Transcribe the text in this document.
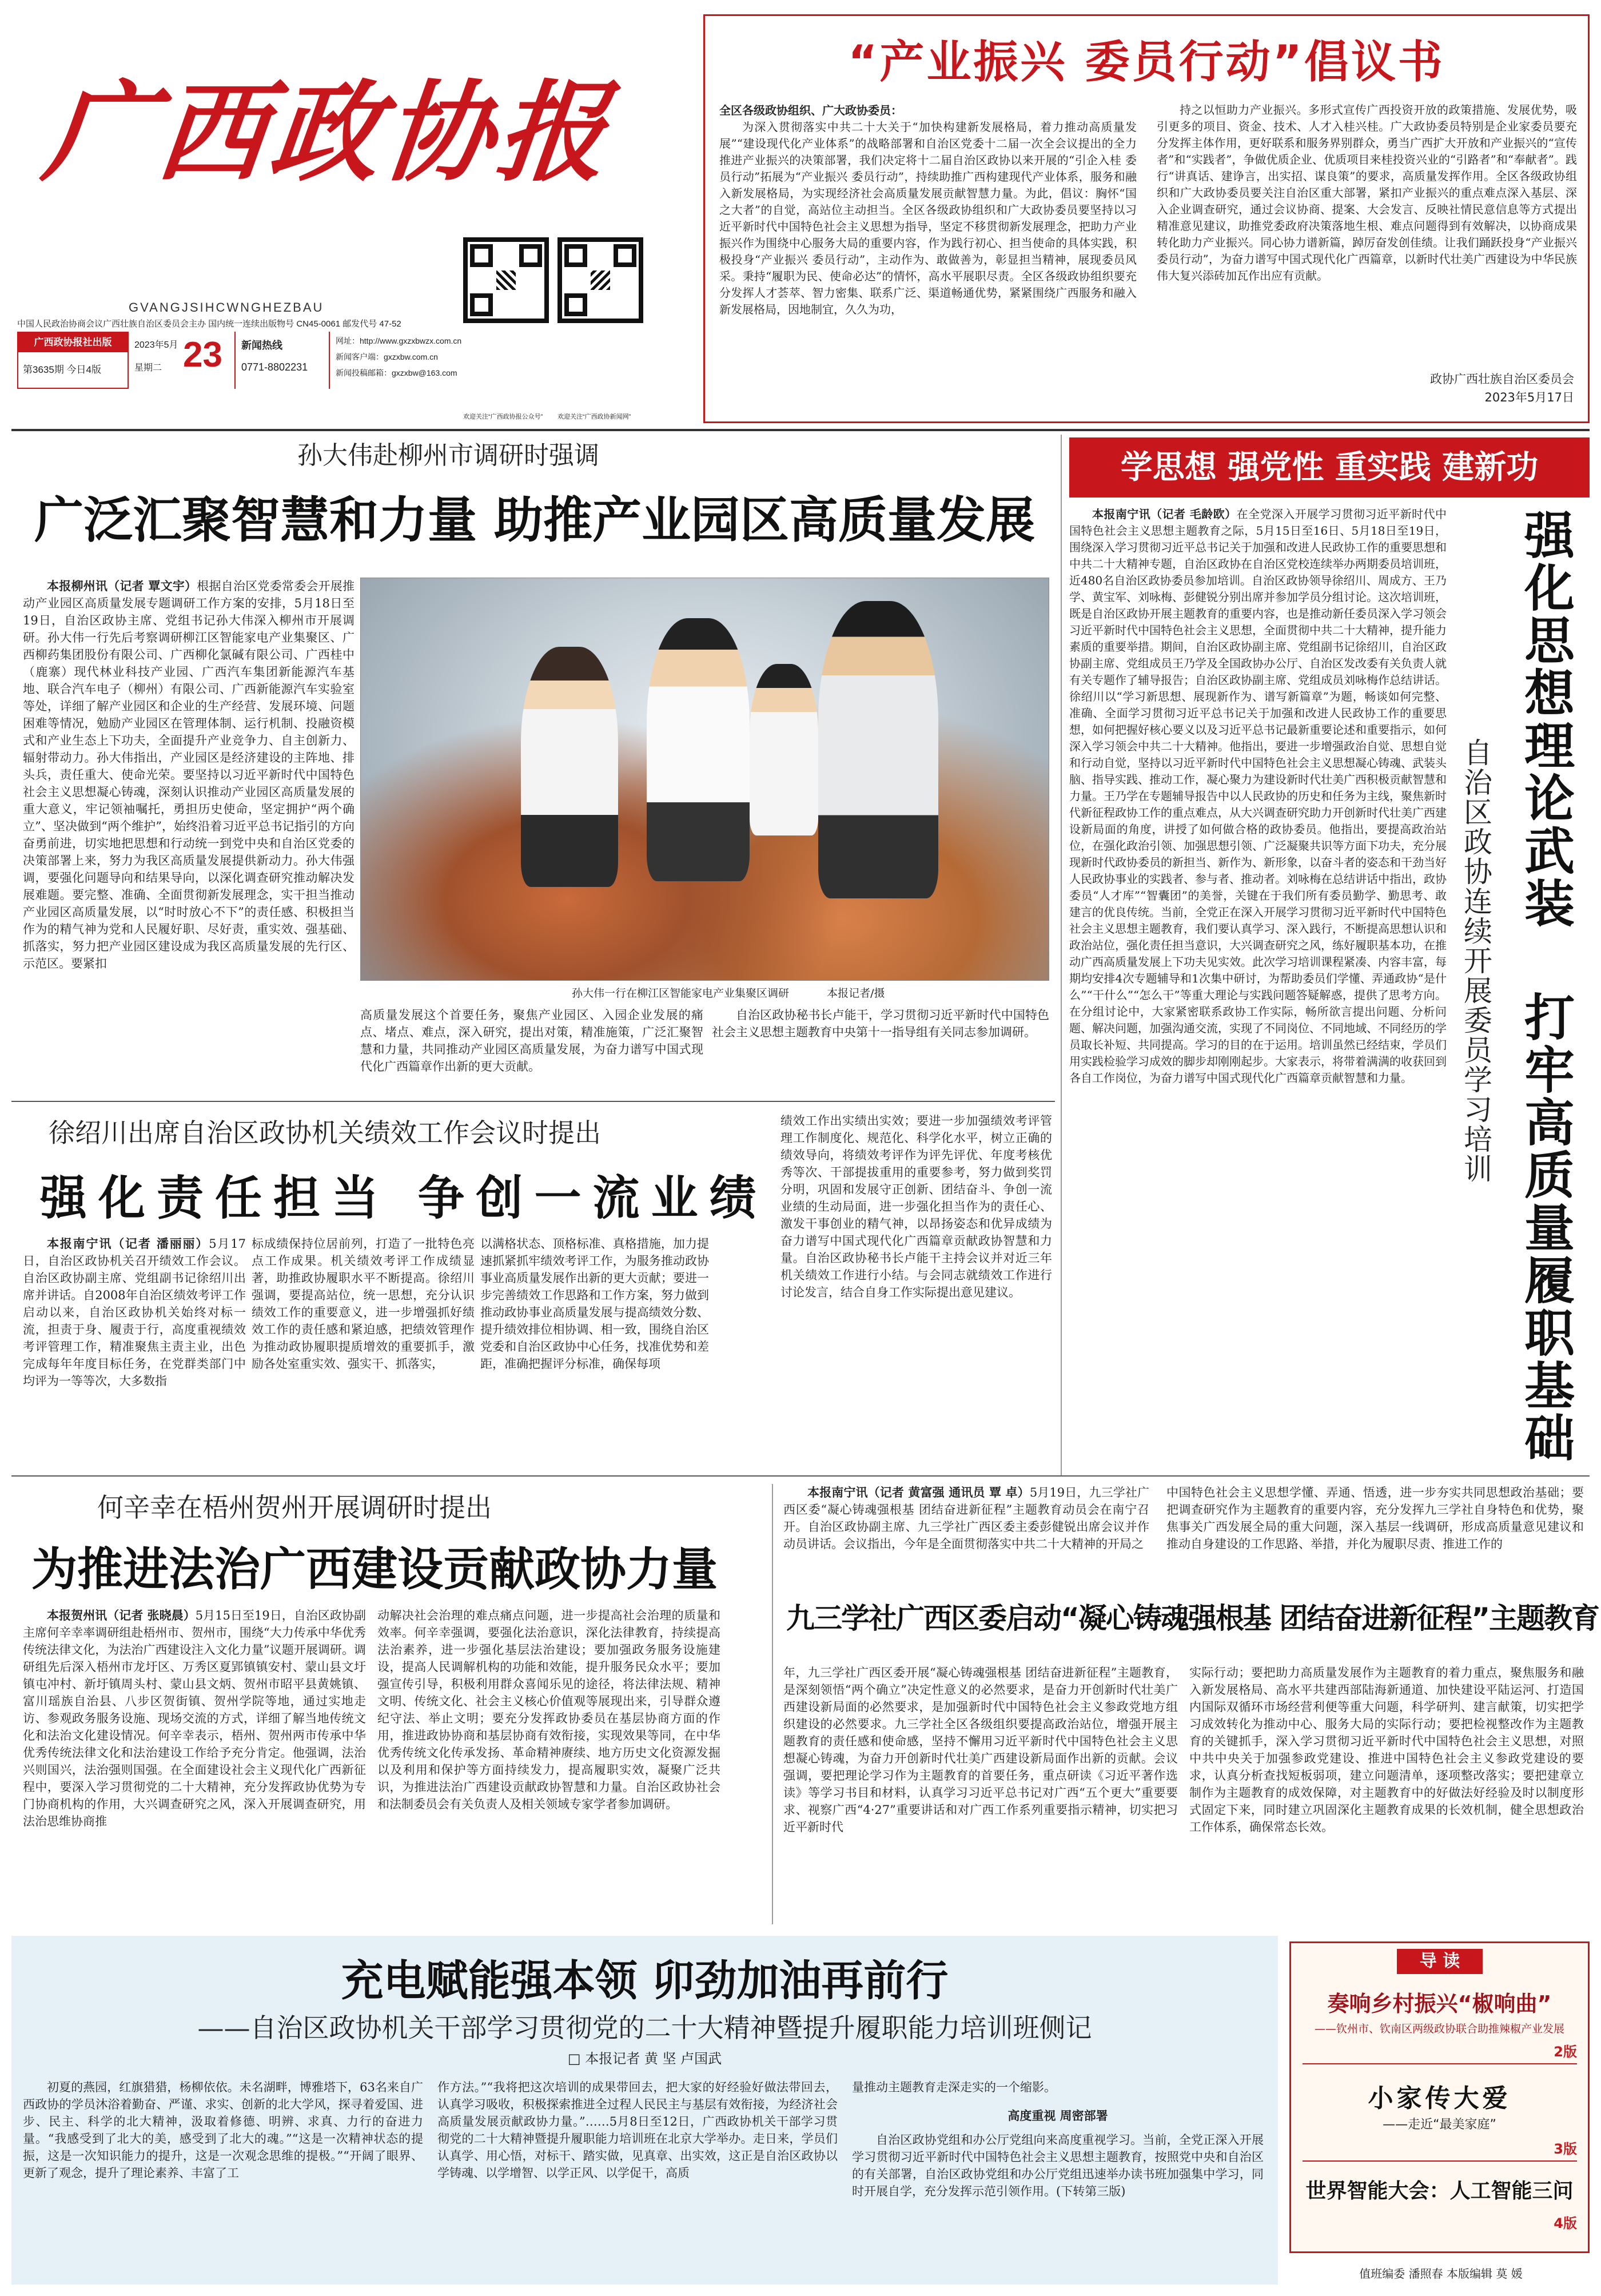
广西政协报
GVANGJSIHCWNGHEZBAU
中国人民政治协商会议广西壮族自治区委员会主办 国内统一连续出版物号 CN45-0061 邮发代号 47-52
广西政协报社出版
第3635期 今日4版
2023年5月
星期二 23 新闻热线
0771-8802231
网址：http://www.gxzxbwzx.com.cn
新闻客户端：gxzxbw.com.cn
新闻投稿邮箱：gxzxbw@163.com
欢迎关注“广西政协报公众号” 欢迎关注“广西政协新闻网”
“产业振兴 委员行动”倡议书
全区各级政协组织、广大政协委员：

为深入贯彻落实中共二十大关于“加快构建新发展格局，着力推动高质量发展”“建设现代化产业体系”的战略部署和自治区党委十二届一次全会议提出的全力推进产业振兴的决策部署，我们决定将十二届自治区政协以来开展的“引企入桂 委员行动”拓展为“产业振兴 委员行动”，持续助推广西构建现代产业体系，服务和融入新发展格局，为实现经济社会高质量发展贡献智慧力量。为此，倡议：胸怀“国之大者”的自觉，高站位主动担当。全区各级政协组织和广大政协委员要坚持以习近平新时代中国特色社会主义思想为指导，坚定不移贯彻新发展理念，把助力产业振兴作为围绕中心服务大局的重要内容，作为践行初心、担当使命的具体实践，积极投身“产业振兴 委员行动”，主动作为、敢做善为，彰显担当精神，展现委员风采。秉持“履职为民、使命必达”的情怀，高水平展职尽责。全区各级政协组织要充分发挥人才荟萃、智力密集、联系广泛、渠道畅通优势，紧紧围绕广西服务和融入新发展格局，因地制宜，久久为功，

持之以恒助力产业振兴。多形式宣传广西投资开放的政策措施、发展优势，吸引更多的项目、资金、技术、人才入桂兴桂。广大政协委员特别是企业家委员要充分发挥主体作用，更好联系和服务界别群众，勇当广西扩大开放和产业振兴的“宣传者”和“实践者”，争做优质企业、优质项目来桂投资兴业的“引路者”和“奉献者”。践行“讲真话、建诤言，出实招、谋良策”的要求，高质量发挥作用。全区各级政协组织和广大政协委员要关注自治区重大部署，紧扣产业振兴的重点难点深入基层、深入企业调查研究，通过会议协商、提案、大会发言、反映社情民意信息等方式提出精准意见建议，助推党委政府决策落地生根、难点问题得到有效解决，以协商成果转化助力产业振兴。同心协力谱新篇，踔厉奋发创佳绩。让我们踊跃投身“产业振兴 委员行动”，为奋力谱写中国式现代化广西篇章，以新时代壮美广西建设为中华民族伟大复兴添砖加瓦作出应有贡献。

政协广西壮族自治区委员会
2023年5月17日
孙大伟赴柳州市调研时强调
广泛汇聚智慧和力量 助推产业园区高质量发展

本报柳州讯（记者 覃文宇）根据自治区党委常委会开展推动产业园区高质量发展专题调研工作方案的安排，5月18日至19日，自治区政协主席、党组书记孙大伟深入柳州市开展调研。孙大伟一行先后考察调研柳江区智能家电产业集聚区、广西柳药集团股份有限公司、广西柳化氯碱有限公司、广西桂中（鹿寨）现代林业科技产业园、广西汽车集团新能源汽车基地、联合汽车电子（柳州）有限公司、广西新能源汽车实验室等处，详细了解产业园区和企业的生产经营、发展环境、问题困难等情况，勉励产业园区在管理体制、运行机制、投融资模式和产业生态上下功夫，全面提升产业竞争力、自主创新力、辐射带动力。孙大伟指出，产业园区是经济建设的主阵地、排头兵，责任重大、使命光荣。要坚持以习近平新时代中国特色社会主义思想凝心铸魂，深刻认识推动产业园区高质量发展的重大意义，牢记领袖嘱托，勇担历史使命，坚定拥护“两个确立”、坚决做到“两个维护”，始终沿着习近平总书记指引的方向奋勇前进，切实地把思想和行动统一到党中央和自治区党委的决策部署上来，努力为我区高质量发展提供新动力。孙大伟强调，要强化问题导向和结果导向，以深化调查研究推动解决发展难题。要完整、准确、全面贯彻新发展理念，实干担当推动产业园区高质量发展，以“时时放心不下”的责任感、积极担当作为的精气神为党和人民履好职、尽好责，重实效、强基础、抓落实，努力把产业园区建设成为我区高质量发展的先行区、示范区。要紧扣

孙大伟一行在柳江区智能家电产业集聚区调研	本报记者/摄

高质量发展这个首要任务，聚焦产业园区、入园企业发展的痛点、堵点、难点，深入研究，提出对策，精准施策，广泛汇聚智慧和力量，共同推动产业园区高质量发展，为奋力谱写中国式现代化广西篇章作出新的更大贡献。

自治区政协秘书长卢能干，学习贯彻习近平新时代中国特色社会主义思想主题教育中央第十一指导组有关同志参加调研。

学思想 强党性 重实践 建新功

本报南宁讯（记者 毛龄欧）在全党深入开展学习贯彻习近平新时代中国特色社会主义思想主题教育之际，5月15日至16日、5月18日至19日，围绕深入学习贯彻习近平总书记关于加强和改进人民政协工作的重要思想和中共二十大精神专题，自治区政协在自治区党校连续举办两期委员培训班，近480名自治区政协委员参加培训。自治区政协领导徐绍川、周成方、王乃学、黄宝军、刘咏梅、彭健锐分别出席并参加学员分组讨论。这次培训班，既是自治区政协开展主题教育的重要内容，也是推动新任委员深入学习领会习近平新时代中国特色社会主义思想，全面贯彻中共二十大精神，提升能力素质的重要举措。期间，自治区政协副主席、党组副书记徐绍川，自治区政协副主席、党组成员王乃学及全国政协办公厅、自治区发改委有关负责人就有关专题作了辅导报告；自治区政协副主席、党组成员刘咏梅作总结讲话。徐绍川以“学习新思想、展现新作为、谱写新篇章”为题，畅谈如何完整、准确、全面学习贯彻习近平总书记关于加强和改进人民政协工作的重要思想，如何把握好核心要义以及习近平总书记最新重要论述和重要指示，如何深入学习领会中共二十大精神。他指出，要进一步增强政治自觉、思想自觉和行动自觉，坚持以习近平新时代中国特色社会主义思想凝心铸魂、武装头脑、指导实践、推动工作，凝心聚力为建设新时代壮美广西积极贡献智慧和力量。王乃学在专题辅导报告中以人民政协的历史和任务为主线，聚焦新时代新征程政协工作的重点难点，从大兴调查研究助力开创新时代壮美广西建设新局面的角度，讲授了如何做合格的政协委员。他指出，要提高政治站位，在强化政治引领、加强思想引领、广泛凝聚共识等方面下功夫，充分展现新时代政协委员的新担当、新作为、新形象，以奋斗者的姿态和干劲当好人民政协事业的实践者、参与者、推动者。刘咏梅在总结讲话中指出，政协委员“人才库”“智囊团”的美誉，关键在于我们所有委员勤学、勤思考、敢建言的优良传统。当前，全党正在深入开展学习贯彻习近平新时代中国特色社会主义思想主题教育，我们要认真学习、深入践行，不断提高思想认识和政治站位，强化责任担当意识，大兴调查研究之风，练好履职基本功，在推动广西高质量发展上下功夫见实效。此次学习培训课程紧凑、内容丰富，每期均安排4次专题辅导和1次集中研讨，为帮助委员们学懂、弄通政协“是什么”“干什么”“怎么干”等重大理论与实践问题答疑解惑，提供了思考方向。在分组讨论中，大家紧密联系政协工作实际，畅所欲言提出问题、分析问题、解决问题，加强沟通交流，实现了不同岗位、不同地域、不同经历的学员取长补短、共同提高。学习的目的在于运用。培训虽然已经结束，学员们用实践检验学习成效的脚步却刚刚起步。大家表示，将带着满满的收获回到各自工作岗位，为奋力谱写中国式现代化广西篇章贡献智慧和力量。	强化思想理论武装 打牢高质量履职基础
自治区政协连续开展委员学习培训
徐绍川出席自治区政协机关绩效工作会议时提出
强化责任担当 争创一流业绩

本报南宁讯（记者 潘丽丽）5月17日，自治区政协机关召开绩效工作会议。自治区政协副主席、党组副书记徐绍川出席并讲话。自2008年自治区绩效考评工作启动以来，自治区政协机关始终对标一流，担责于身、履责于行，高度重视绩效考评管理工作，精准聚焦主责主业，出色完成每年年度目标任务，在党群类部门中均评为一等等次，大多数指

标成绩保持位居前列，打造了一批特色亮点工作成果。机关绩效考评工作成绩显著，助推政协履职水平不断提高。徐绍川强调，要提高站位，统一思想，充分认识绩效工作的重要意义，进一步增强抓好绩效工作的责任感和紧迫感，把绩效管理作为推动政协履职提质增效的重要抓手，激励各处室重实效、强实干、抓落实，

以满格状态、顶格标准、真格措施，加力提速抓紧抓牢绩效考评工作，为服务推动政协事业高质量发展作出新的更大贡献；要进一步完善绩效工作思路和工作方案，努力做到推动政协事业高质量发展与提高绩效分数、提升绩效排位相协调、相一致，围绕自治区党委和自治区政协中心任务，找准优势和差距，准确把握评分标准，确保每项

绩效工作出实绩出实效；要进一步加强绩效考评管理工作制度化、规范化、科学化水平，树立正确的绩效导向，将绩效考评作为评先评优、年度考核优秀等次、干部提拔重用的重要参考，努力做到奖罚分明，巩固和发展守正创新、团结奋斗、争创一流业绩的生动局面，进一步强化担当作为的责任心、激发干事创业的精气神，以昂扬姿态和优异成绩为奋力谱写中国式现代化广西篇章贡献政协智慧和力量。自治区政协秘书长卢能干主持会议并对近三年机关绩效工作进行小结。与会同志就绩效工作进行讨论发言，结合自身工作实际提出意见建议。

何辛幸在梧州贺州开展调研时提出
为推进法治广西建设贡献政协力量

本报贺州讯（记者 张晓晨）5月15日至19日，自治区政协副主席何辛幸率调研组赴梧州市、贺州市，围绕“大力传承中华优秀传统法律文化，为法治广西建设注入文化力量”议题开展调研。调研组先后深入梧州市龙圩区、万秀区夏郢镇镇安村、蒙山县文圩镇屯冲村、新圩镇周头村、蒙山县文炳、贺州市昭平县黄姚镇、富川瑶族自治县、八步区贺街镇、贺州学院等地，通过实地走访、参观政务服务设施、现场交流的方式，详细了解当地传统文化和法治文化建设情况。何辛幸表示，梧州、贺州两市传承中华优秀传统法律文化和法治建设工作给予充分肯定。他强调，法治兴则国兴，法治强则国强。在全面建设社会主义现代化广西新征程中，要深入学习贯彻党的二十大精神，充分发挥政协优势为专门协商机构的作用，大兴调查研究之风，深入开展调查研究，用法治思维协商推

动解决社会治理的难点痛点问题，进一步提高社会治理的质量和效率。何辛幸强调，要强化法治意识，深化法律教育，持续提高法治素养，进一步强化基层法治建设；要加强政务服务设施建设，提高人民调解机构的功能和效能，提升服务民众水平；要加强宣传引导，积极利用群众喜闻乐见的途径，将法律法规、精神文明、传统文化、社会主义核心价值观等展现出来，引导群众遵纪守法、举止文明；要充分发挥政协委员在基层协商方面的作用，推进政协协商和基层协商有效衔接，实现效果等同，在中华优秀传统文化传承发扬、革命精神赓续、地方历史文化资源发掘以及利用和保护等方面持续发力，提高履职实效，凝聚广泛共识，为推进法治广西建设贡献政协智慧和力量。自治区政协社会和法制委员会有关负责人及相关领域专家学者参加调研。

本报南宁讯（记者 黄富强 通讯员 覃 卓）5月19日，九三学社广西区委“凝心铸魂强根基 团结奋进新征程”主题教育动员会在南宁召开。自治区政协副主席、九三学社广西区委主委彭健锐出席会议并作动员讲话。会议指出，今年是全面贯彻落实中共二十大精神的开局之

中国特色社会主义思想学懂、弄通、悟透，进一步夯实共同思想政治基础；要把调查研究作为主题教育的重要内容，充分发挥九三学社自身特色和优势，聚焦事关广西发展全局的重大问题，深入基层一线调研，形成高质量意见建议和推动自身建设的工作思路、举措，并化为履职尽责、推进工作的

九三学社广西区委启动“凝心铸魂强根基 团结奋进新征程”主题教育

年，九三学社广西区委开展“凝心铸魂强根基 团结奋进新征程”主题教育，是深刻领悟“两个确立”决定性意义的必然要求，是奋力开创新时代壮美广西建设新局面的必然要求，是加强新时代中国特色社会主义参政党地方组织建设的必然要求。九三学社全区各级组织要提高政治站位，增强开展主题教育的责任感和使命感，坚持不懈用习近平新时代中国特色社会主义思想凝心铸魂，为奋力开创新时代壮美广西建设新局面作出新的贡献。会议强调，要把理论学习作为主题教育的首要任务，重点研读《习近平著作选读》等学习书目和材料，认真学习习近平总书记对广西“五个更大”重要要求、视察广西“4·27”重要讲话和对广西工作系列重要指示精神，切实把习近平新时代

实际行动；要把助力高质量发展作为主题教育的着力重点，聚焦服务和融入新发展格局、高水平共建西部陆海新通道、加快建设平陆运河、打造国内国际双循环市场经营利便等重大问题，科学研判、建言献策，切实把学习成效转化为推动中心、服务大局的实际行动；要把检视整改作为主题教育的关键抓手，深入学习贯彻习近平新时代中国特色社会主义思想，对照中共中央关于加强参政党建设、推进中国特色社会主义参政党建设的要求，认真分析查找短板弱项，建立问题清单，逐项整改落实；要把建章立制作为主题教育的成效保障，对主题教育中的好做法好经验及时以制度形式固定下来，同时建立巩固深化主题教育成果的长效机制，健全思想政治工作体系，确保常态长效。

充电赋能强本领 卯劲加油再前行
——自治区政协机关干部学习贯彻党的二十大精神暨提升履职能力培训班侧记
□ 本报记者 黄 坚 卢国武

初夏的燕园，红旗猎猎，杨柳依依。未名湖畔，博雅塔下，63名来自广西政协的学员沐浴着勤奋、严谨、求实、创新的北大学风，探寻着爱国、进步、民主、科学的北大精神，汲取着修德、明辨、求真、力行的奋进力量。“我感受到了北大的美，感受到了北大的魂。”“这是一次精神状态的提振，这是一次知识能力的提升，这是一次观念思维的提极。”“开阔了眼界、更新了观念，提升了理论素养、丰富了工

作方法。”“我将把这次培训的成果带回去，把大家的好经验好做法带回去，认真学习吸收，积极探索推进全过程人民民主与基层有效衔接，为经济社会高质量发展贡献政协力量。”……5月8日至12日，广西政协机关干部学习贯彻党的二十大精神暨提升履职能力培训班在北京大学举办。走日来，学员们认真学、用心悟，对标干、踏实做，见真章、出实效，这正是自治区政协以学铸魂、以学增智、以学正风、以学促干，高质

量推动主题教育走深走实的一个缩影。

高度重视 周密部署

自治区政协党组和办公厅党组向来高度重视学习。当前，全党正深入开展学习贯彻习近平新时代中国特色社会主义思想主题教育，按照党中央和自治区的有关部署，自治区政协党组和办公厅党组迅速举办读书班加强集中学习，同时开展自学，充分发挥示范引领作用。(下转第三版)

导 读
奏响乡村振兴“椒响曲”
——钦州市、钦南区两级政协联合助推辣椒产业发展
2版
小家传大爱
——走近“最美家庭”
3版
世界智能大会：人工智能三问
4版
值班编委 潘照春 本版编辑 莫 媛
